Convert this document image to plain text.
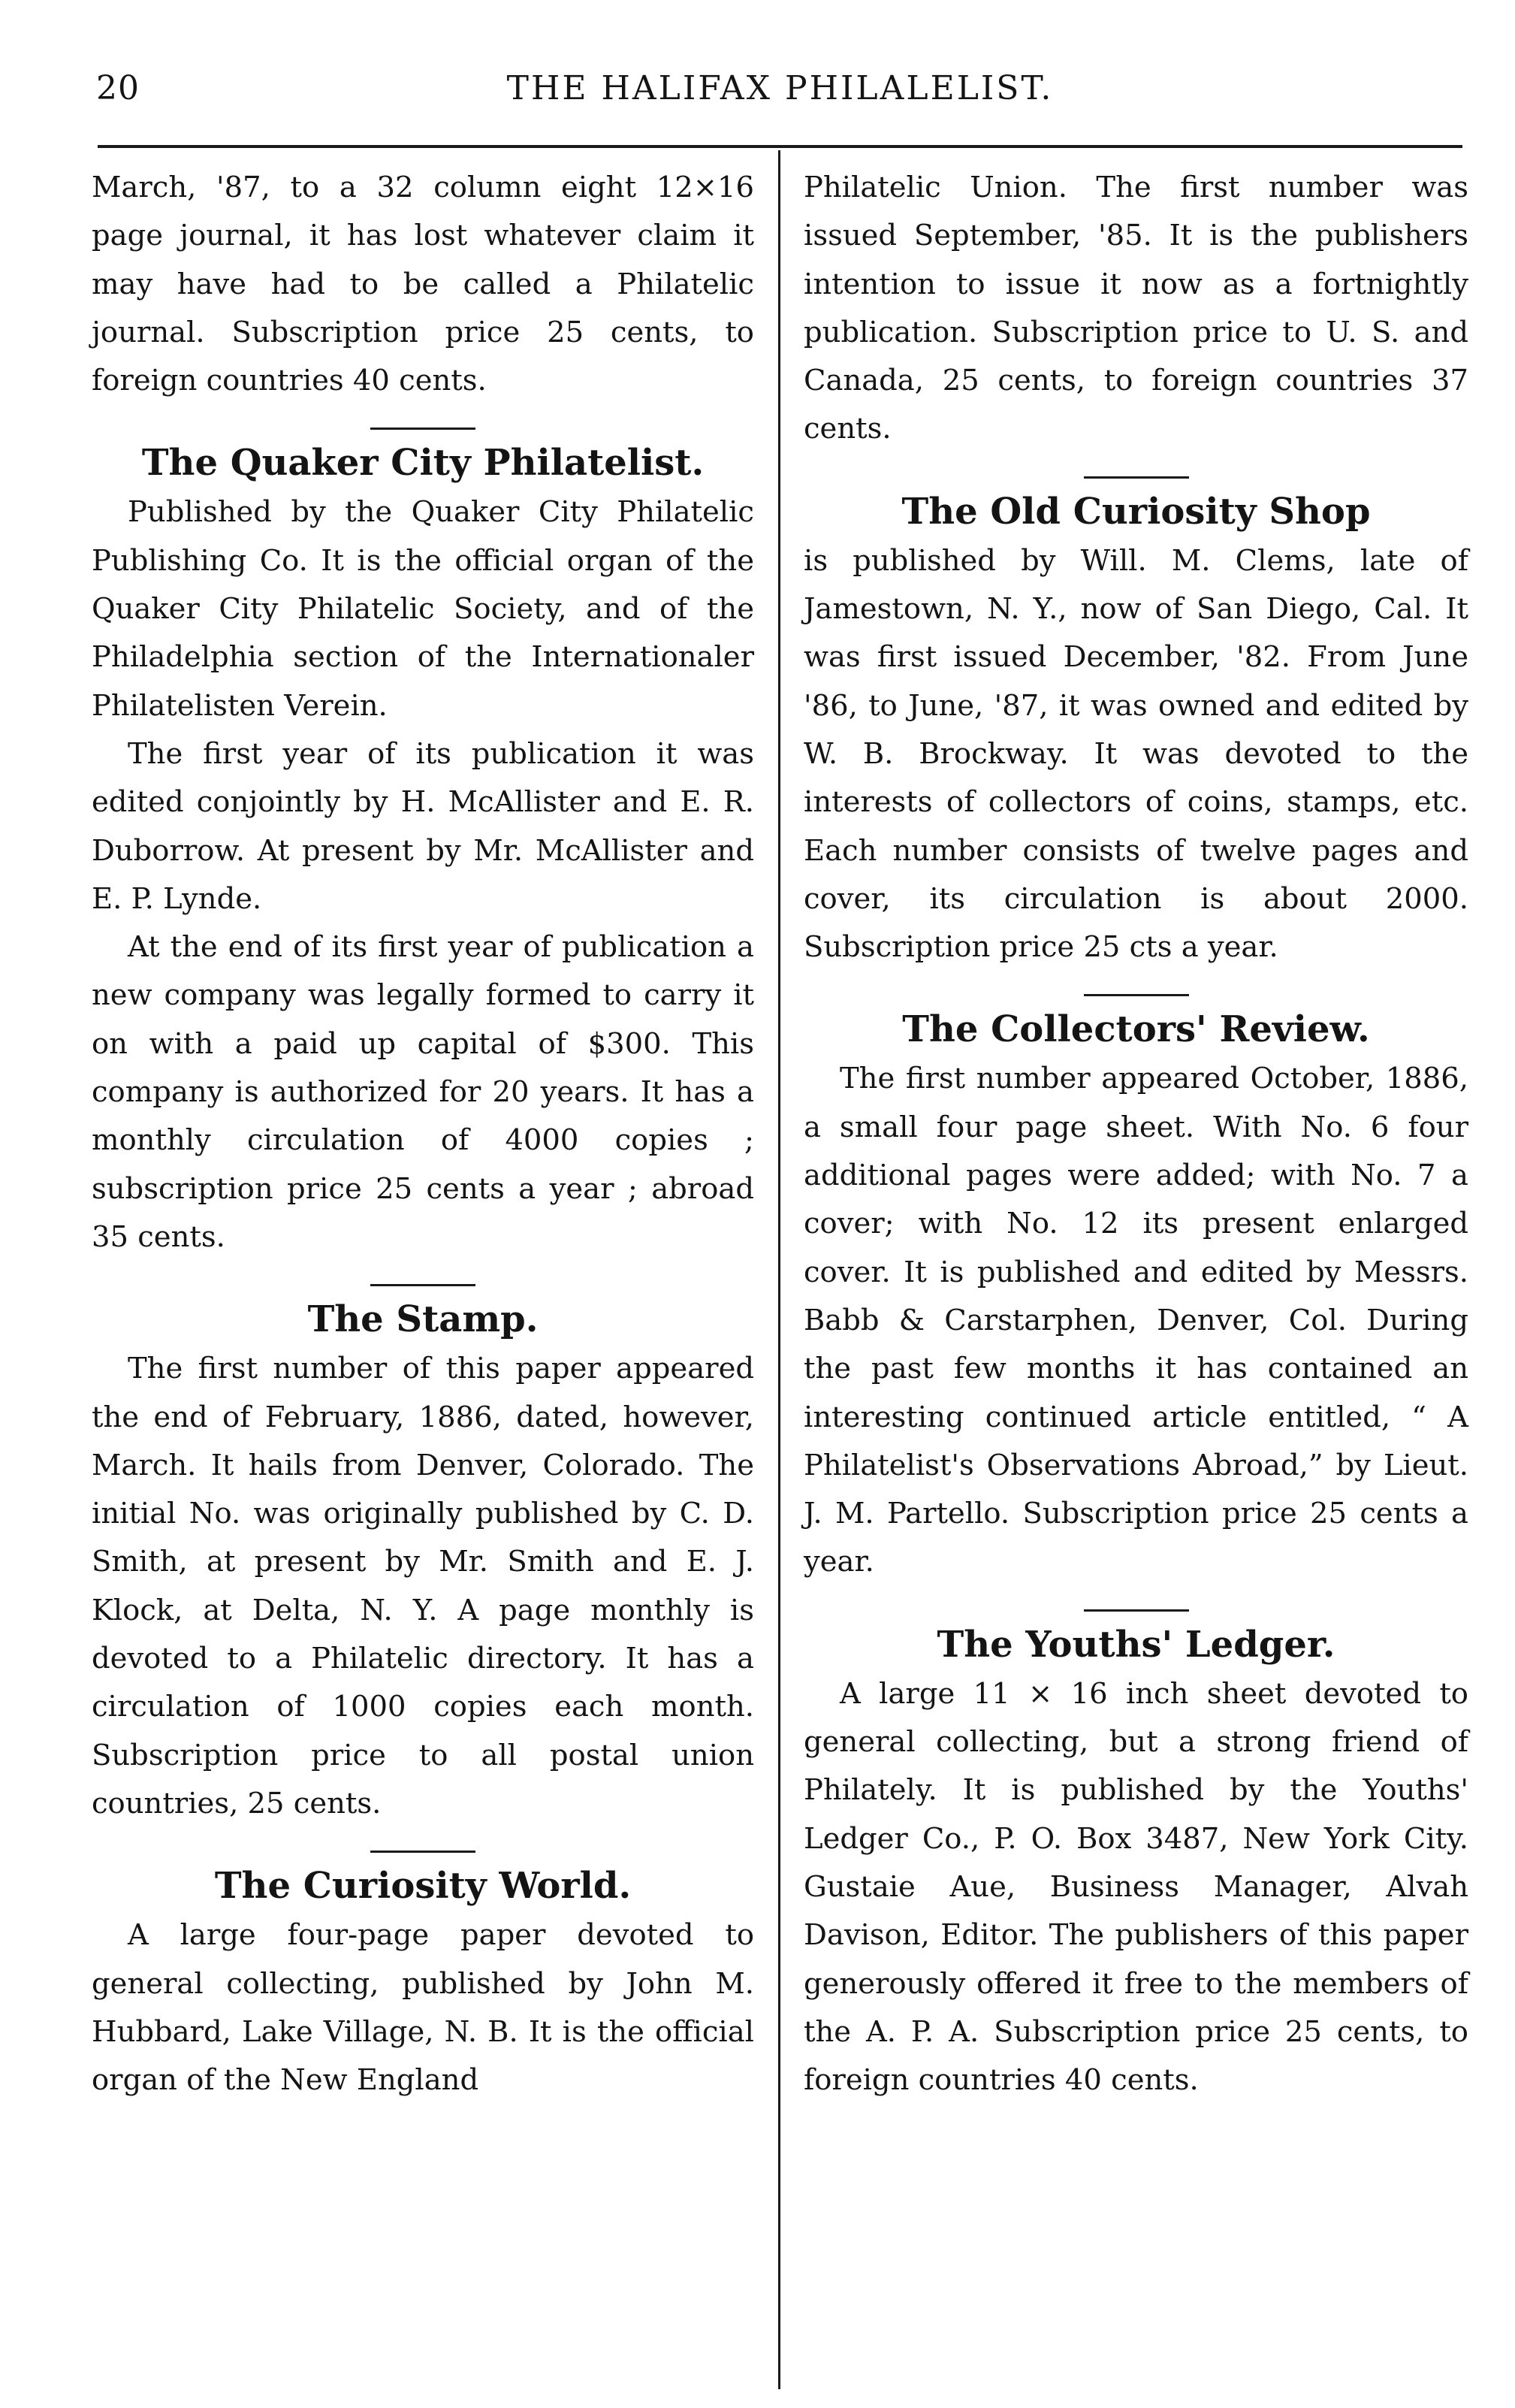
20	THE HALIFAX PHILALELIST.

March, '87, to a 32 column eight 12×16 page journal, it has lost whatever claim it may have had to be called a Philatelic journal. Subscription price 25 cents, to foreign countries 40 cents.

The Quaker City Philatelist.

Published by the Quaker City Philatelic Publishing Co. It is the official organ of the Quaker City Philatelic Society, and of the Philadelphia section of the Internationaler Philatelisten Verein.

The first year of its publication it was edited conjointly by H. McAllister and E. R. Duborrow. At present by Mr. McAllister and E. P. Lynde.

At the end of its first year of publication a new company was legally formed to carry it on with a paid up capital of $300. This company is authorized for 20 years. It has a monthly circulation of 4000 copies ; subscription price 25 cents a year ; abroad 35 cents.

The Stamp.

The first number of this paper appeared the end of February, 1886, dated, however, March. It hails from Denver, Colorado. The initial No. was originally published by C. D. Smith, at present by Mr. Smith and E. J. Klock, at Delta, N. Y. A page monthly is devoted to a Philatelic directory. It has a circulation of 1000 copies each month. Subscription price to all postal union countries, 25 cents.

The Curiosity World.

A large four-page paper devoted to general collecting, published by John M. Hubbard, Lake Village, N. B. It is the official organ of the New England

Philatelic Union. The first number was issued September, '85. It is the publishers intention to issue it now as a fortnightly publication. Subscription price to U. S. and Canada, 25 cents, to foreign countries 37 cents.

The Old Curiosity Shop

is published by Will. M. Clems, late of Jamestown, N. Y., now of San Diego, Cal. It was first issued December, '82. From June '86, to June, '87, it was owned and edited by W. B. Brockway. It was devoted to the interests of collectors of coins, stamps, etc. Each number consists of twelve pages and cover, its circulation is about 2000. Subscription price 25 cts a year.

The Collectors' Review.

The first number appeared October, 1886, a small four page sheet. With No. 6 four additional pages were added; with No. 7 a cover; with No. 12 its present enlarged cover. It is published and edited by Messrs. Babb & Carstarphen, Denver, Col. During the past few months it has contained an interesting continued article entitled, “ A Philatelist's Observations Abroad,” by Lieut. J. M. Partello. Subscription price 25 cents a year.

The Youths' Ledger.

A large 11 × 16 inch sheet devoted to general collecting, but a strong friend of Philately. It is published by the Youths' Ledger Co., P. O. Box 3487, New York City. Gustaie Aue, Business Manager, Alvah Davison, Editor. The publishers of this paper generously offered it free to the members of the A. P. A. Subscription price 25 cents, to foreign countries 40 cents.
